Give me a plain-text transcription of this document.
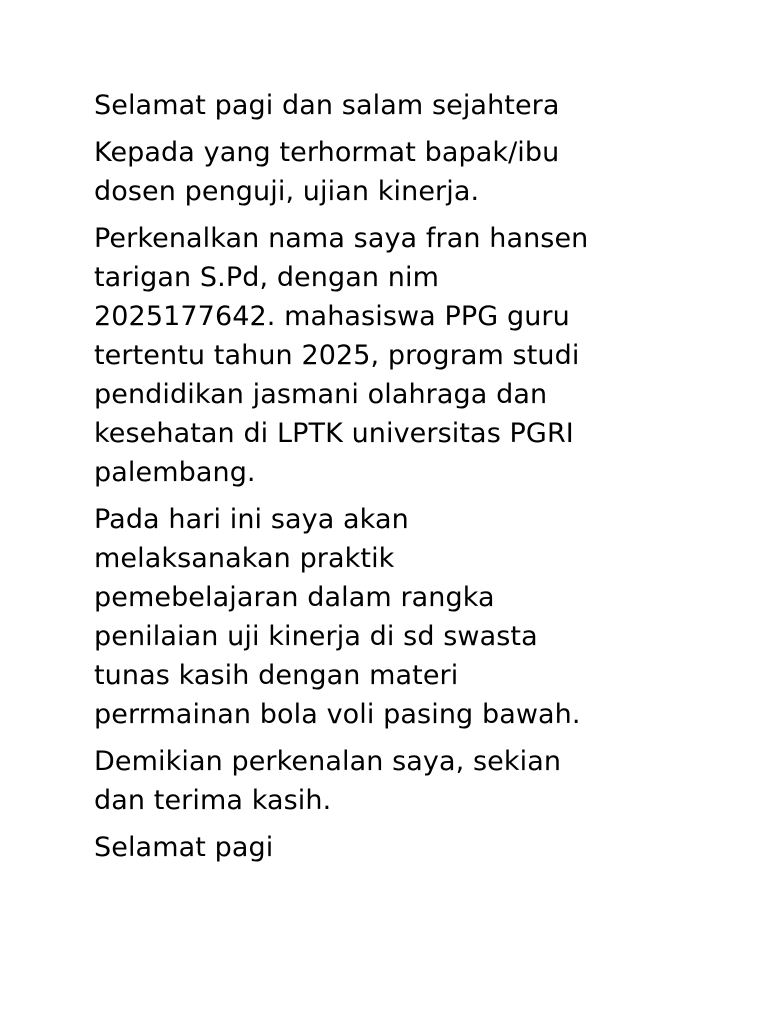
Selamat pagi dan salam sejahtera

Kepada yang terhormat bapak/ibu
dosen penguji, ujian kinerja.

Perkenalkan nama saya fran hansen
tarigan S.Pd, dengan nim
2025177642. mahasiswa PPG guru
tertentu tahun 2025, program studi
pendidikan jasmani olahraga dan
kesehatan di LPTK universitas PGRI
palembang.

Pada hari ini saya akan
melaksanakan praktik
pemebelajaran dalam rangka
penilaian uji kinerja di sd swasta
tunas kasih dengan materi
perrmainan bola voli pasing bawah.

Demikian perkenalan saya, sekian
dan terima kasih.

Selamat pagi
